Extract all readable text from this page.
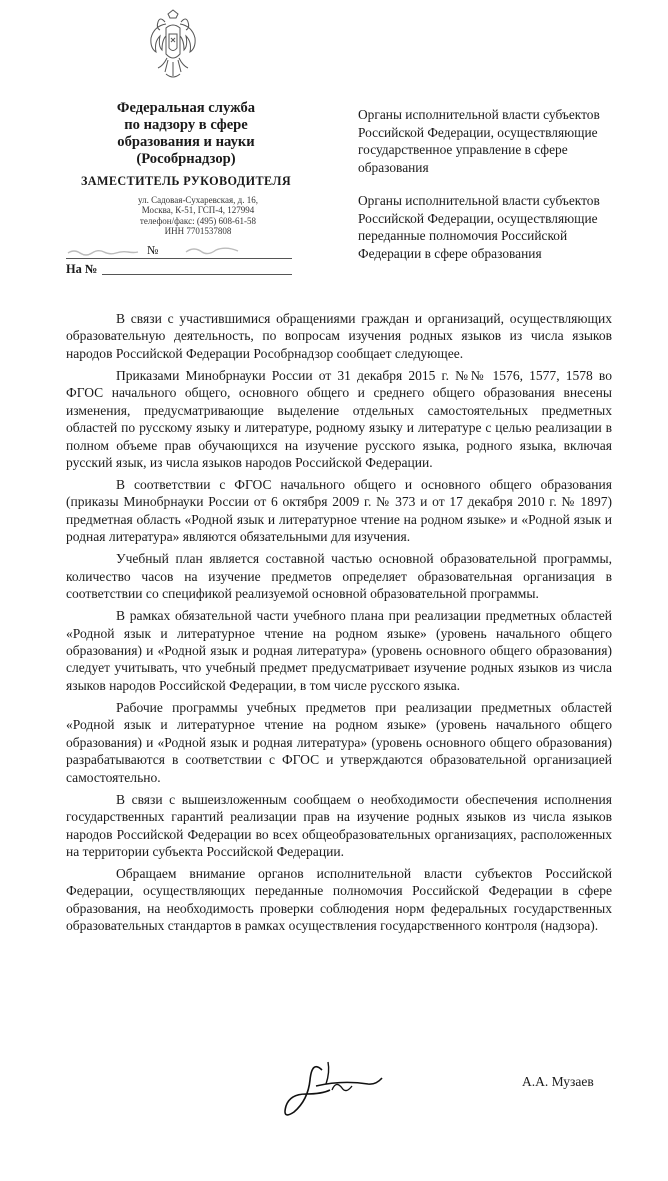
Федеральная служба
по надзору в сфере
образования и науки
(Рособрнадзор)
ЗАМЕСТИТЕЛЬ РУКОВОДИТЕЛЯ
ул. Садовая-Сухаревская, д. 16,
Москва, К-51, ГСП-4, 127994
телефон/факс: (495) 608-61-58
ИНН 7701537808
№
На №

Органы исполнительной власти субъектов Российской Федерации, осуществляющие государственное управление в сфере образования

Органы исполнительной власти субъектов Российской Федерации, осуществляющие переданные полномочия Российской Федерации в сфере образования

В связи с участившимися обращениями граждан и организаций, осуществляющих образовательную деятельность, по вопросам изучения родных языков из числа языков народов Российской Федерации Рособрнадзор сообщает следующее.

Приказами Минобрнауки России от 31 декабря 2015 г. №№ 1576, 1577, 1578 во ФГОС начального общего, основного общего и среднего общего образования внесены изменения, предусматривающие выделение отдельных самостоятельных предметных областей по русскому языку и литературе, родному языку и литературе с целью реализации в полном объеме прав обучающихся на изучение русского языка, родного языка, включая русский язык, из числа языков народов Российской Федерации.

В соответствии с ФГОС начального общего и основного общего образования (приказы Минобрнауки России от 6 октября 2009 г. № 373 и от 17 декабря 2010 г. № 1897) предметная область «Родной язык и литературное чтение на родном языке» и «Родной язык и родная литература» являются обязательными для изучения.

Учебный план является составной частью основной образовательной программы, количество часов на изучение предметов определяет образовательная организация в соответствии со спецификой реализуемой основной образовательной программы.

В рамках обязательной части учебного плана при реализации предметных областей «Родной язык и литературное чтение на родном языке» (уровень начального общего образования) и «Родной язык и родная литература» (уровень основного общего образования) следует учитывать, что учебный предмет предусматривает изучение родных языков из числа языков народов Российской Федерации, в том числе русского языка.

Рабочие программы учебных предметов при реализации предметных областей «Родной язык и литературное чтение на родном языке» (уровень начального общего образования) и «Родной язык и родная литература» (уровень основного общего образования) разрабатываются в соответствии с ФГОС и утверждаются образовательной организацией самостоятельно.

В связи с вышеизложенным сообщаем о необходимости обеспечения исполнения государственных гарантий реализации прав на изучение родных языков из числа языков народов Российской Федерации во всех общеобразовательных организациях, расположенных на территории субъекта Российской Федерации.

Обращаем внимание органов исполнительной власти субъектов Российской Федерации, осуществляющих переданные полномочия Российской Федерации в сфере образования, на необходимость проверки соблюдения норм федеральных государственных образовательных стандартов в рамках осуществления государственного контроля (надзора).

А.А. Музаев
